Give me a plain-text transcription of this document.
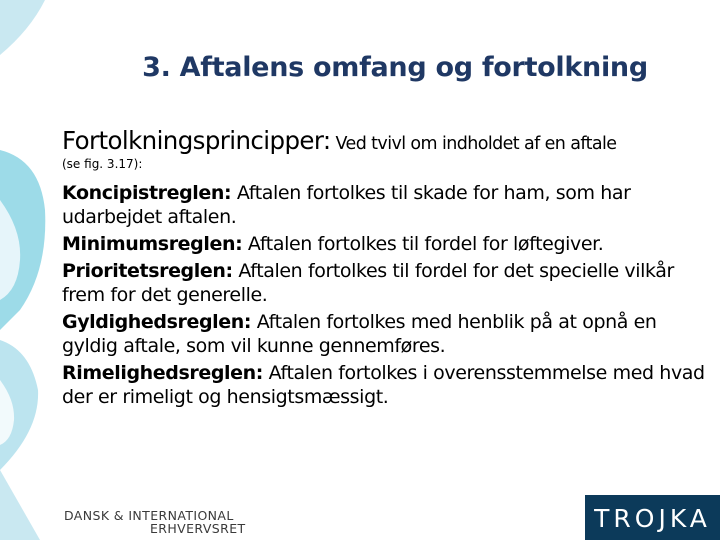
3. Aftalens omfang og fortolkning
Fortolkningsprincipper: Ved tvivl om indholdet af en aftale
(se fig. 3.17):
Koncipistreglen: Aftalen fortolkes til skade for ham, som har udarbejdet aftalen.
Minimumsreglen: Aftalen fortolkes til fordel for løftegiver.
Prioritetsreglen: Aftalen fortolkes til fordel for det specielle vilkår frem for det generelle.
Gyldighedsreglen: Aftalen fortolkes med henblik på at opnå en gyldig aftale, som vil kunne gennemføres.
Rimelighedsreglen: Aftalen fortolkes i overensstemmelse med hvad der er rimeligt og hensigtsmæssigt.
DANSK & INTERNATIONAL
ERHVERVSRET	TROJKA
